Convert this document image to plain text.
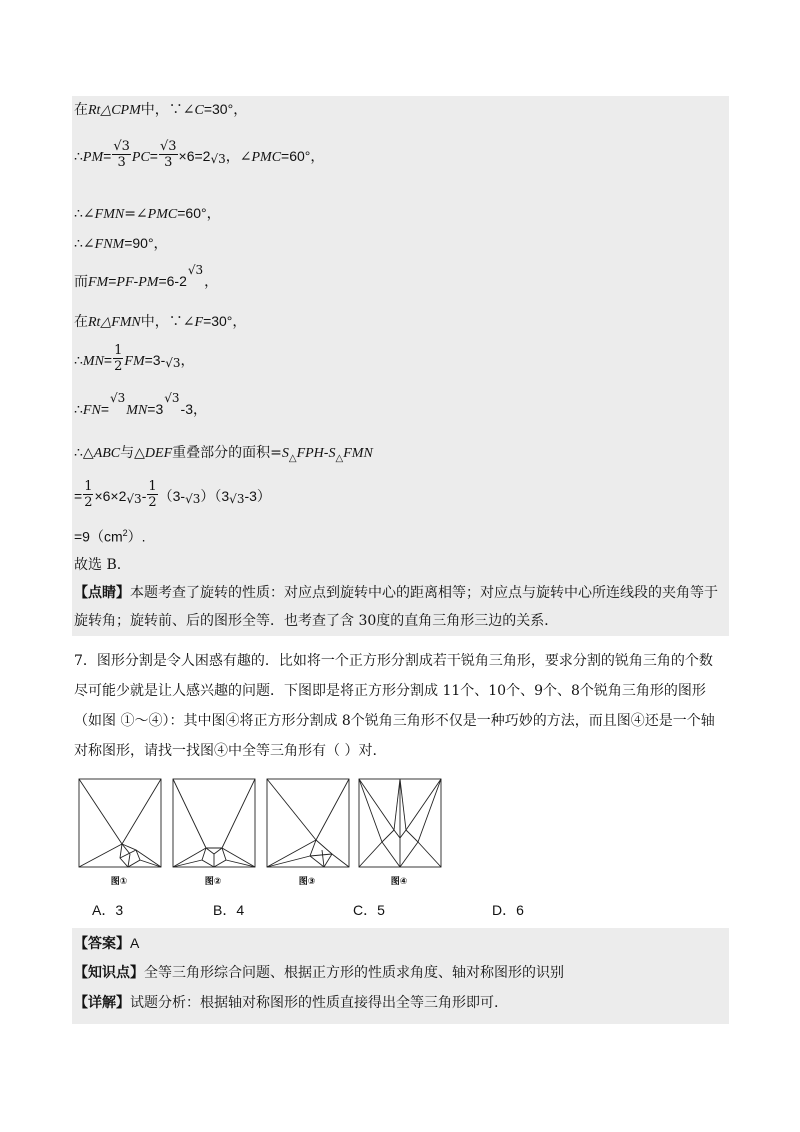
在Rt△CPM中，∵∠C=30°，
∴PM= $\frac{√3}{3} PC= \frac{√3}{3} \times 6=2√3$，∠PMC=60°，
∴∠FMN=∠PMC=60°，
∴∠FNM=90°，
而FM=PF-PM=6-2√3，
在Rt△FMN中，∵∠F=30°，
∴MN= $\frac{1}{2} FM=3-√3$，
∴FN=√3MN=3√3-3，
∴△ABC与△DEF重叠部分的面积$=S_\triangle FPH-S_\triangle FMN$
= $\frac{1}{2} \times 6\times 2√3- \frac{1}{2} (3-√3)(3√3-3)$
$=9(cm^2)$.
故选 B.
【点睛】本题考查了旋转的性质：对应点到旋转中心的距离相等；对应点与旋转中心所连线段的夹角等于
旋转角；旋转前、后的图形全等．也考查了含 30度的直角三角形三边的关系．
7．图形分割是令人困惑有趣的．比如将一个正方形分割成若干锐角三角形，要求分割的锐角三角的个数
尽可能少就是让人感兴趣的问题．下图即是将正方形分割成 11个、10个、9个、8个锐角三角形的图形
（如图 ①～④）：其中图④将正方形分割成 8个锐角三角形不仅是一种巧妙的方法，而且图④还是一个轴
对称图形，请找一找图④中全等三角形有（ ）对.
图①	图②	图③	图④
A．3	B．4	C．5	D．6
【答案】A
【知识点】全等三角形综合问题、根据正方形的性质求角度、轴对称图形的识别
【详解】试题分析：根据轴对称图形的性质直接得出全等三角形即可.
